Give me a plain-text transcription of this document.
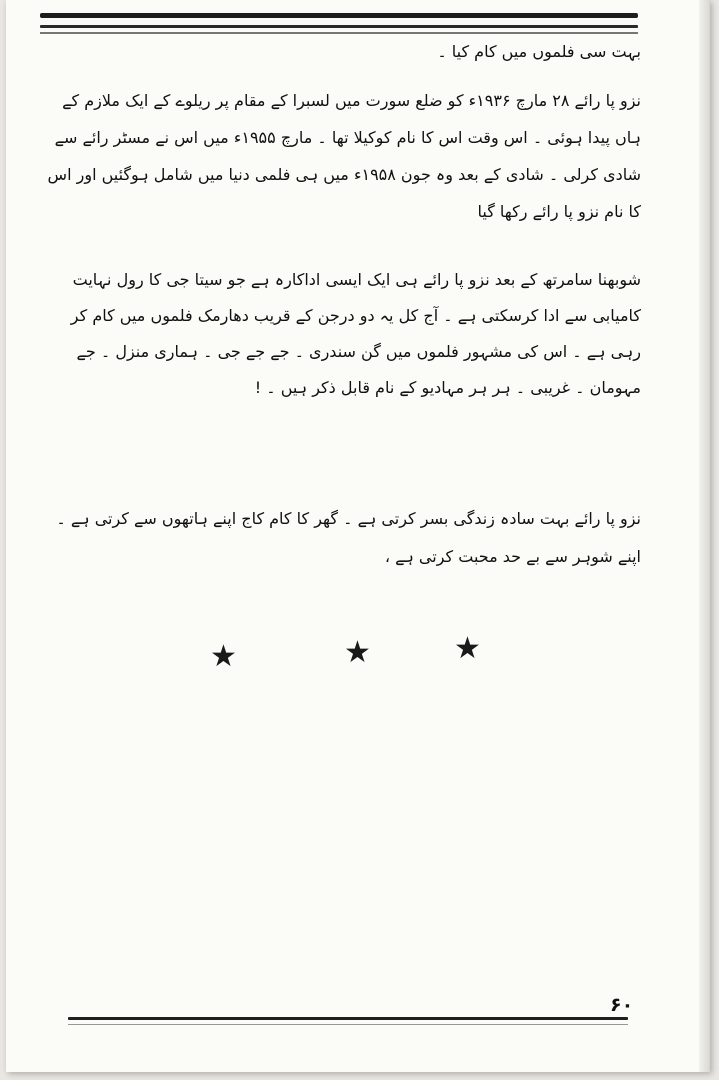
بہت سی فلموں میں کام کیا ۔

نزو پا رائے ۲۸ مارچ ۱۹۳۶ء کو ضلع سورت میں لسبرا کے مقام پر ریلوے کے ایک ملازم کے ہاں پیدا ہوئی ۔ اس وقت اس کا نام کوکیلا تھا ۔ مارچ ۱۹۵۵ء میں اس نے مسٹر رائے سے شادی کرلی ۔ شادی کے بعد وہ جون ۱۹۵۸ء میں ہی فلمی دنیا میں شامل ہوگئیں اور اس کا نام نزو پا رائے رکھا گیا

شوبھنا سامرتھ کے بعد نزو پا رائے ہی ایک ایسی اداکارہ ہے جو سیتا جی کا رول نہایت کامیابی سے ادا کرسکتی ہے ۔ آج کل یہ دو درجن کے قریب دھارمک فلموں میں کام کر رہی ہے ۔ اس کی مشہور فلموں میں گن سندری ۔ جے جے جی ۔ ہماری منزل ۔ جے مہومان ۔ غریبی ۔ ہر ہر مہادیو کے نام قابل ذکر ہیں ۔ !

نزو پا رائے بہت سادہ زندگی بسر کرتی ہے ۔ گھر کا کام کاج اپنے ہاتھوں سے کرتی ہے ۔ اپنے شوہر سے بے حد محبت کرتی ہے ،

★	★	★
۶۰
